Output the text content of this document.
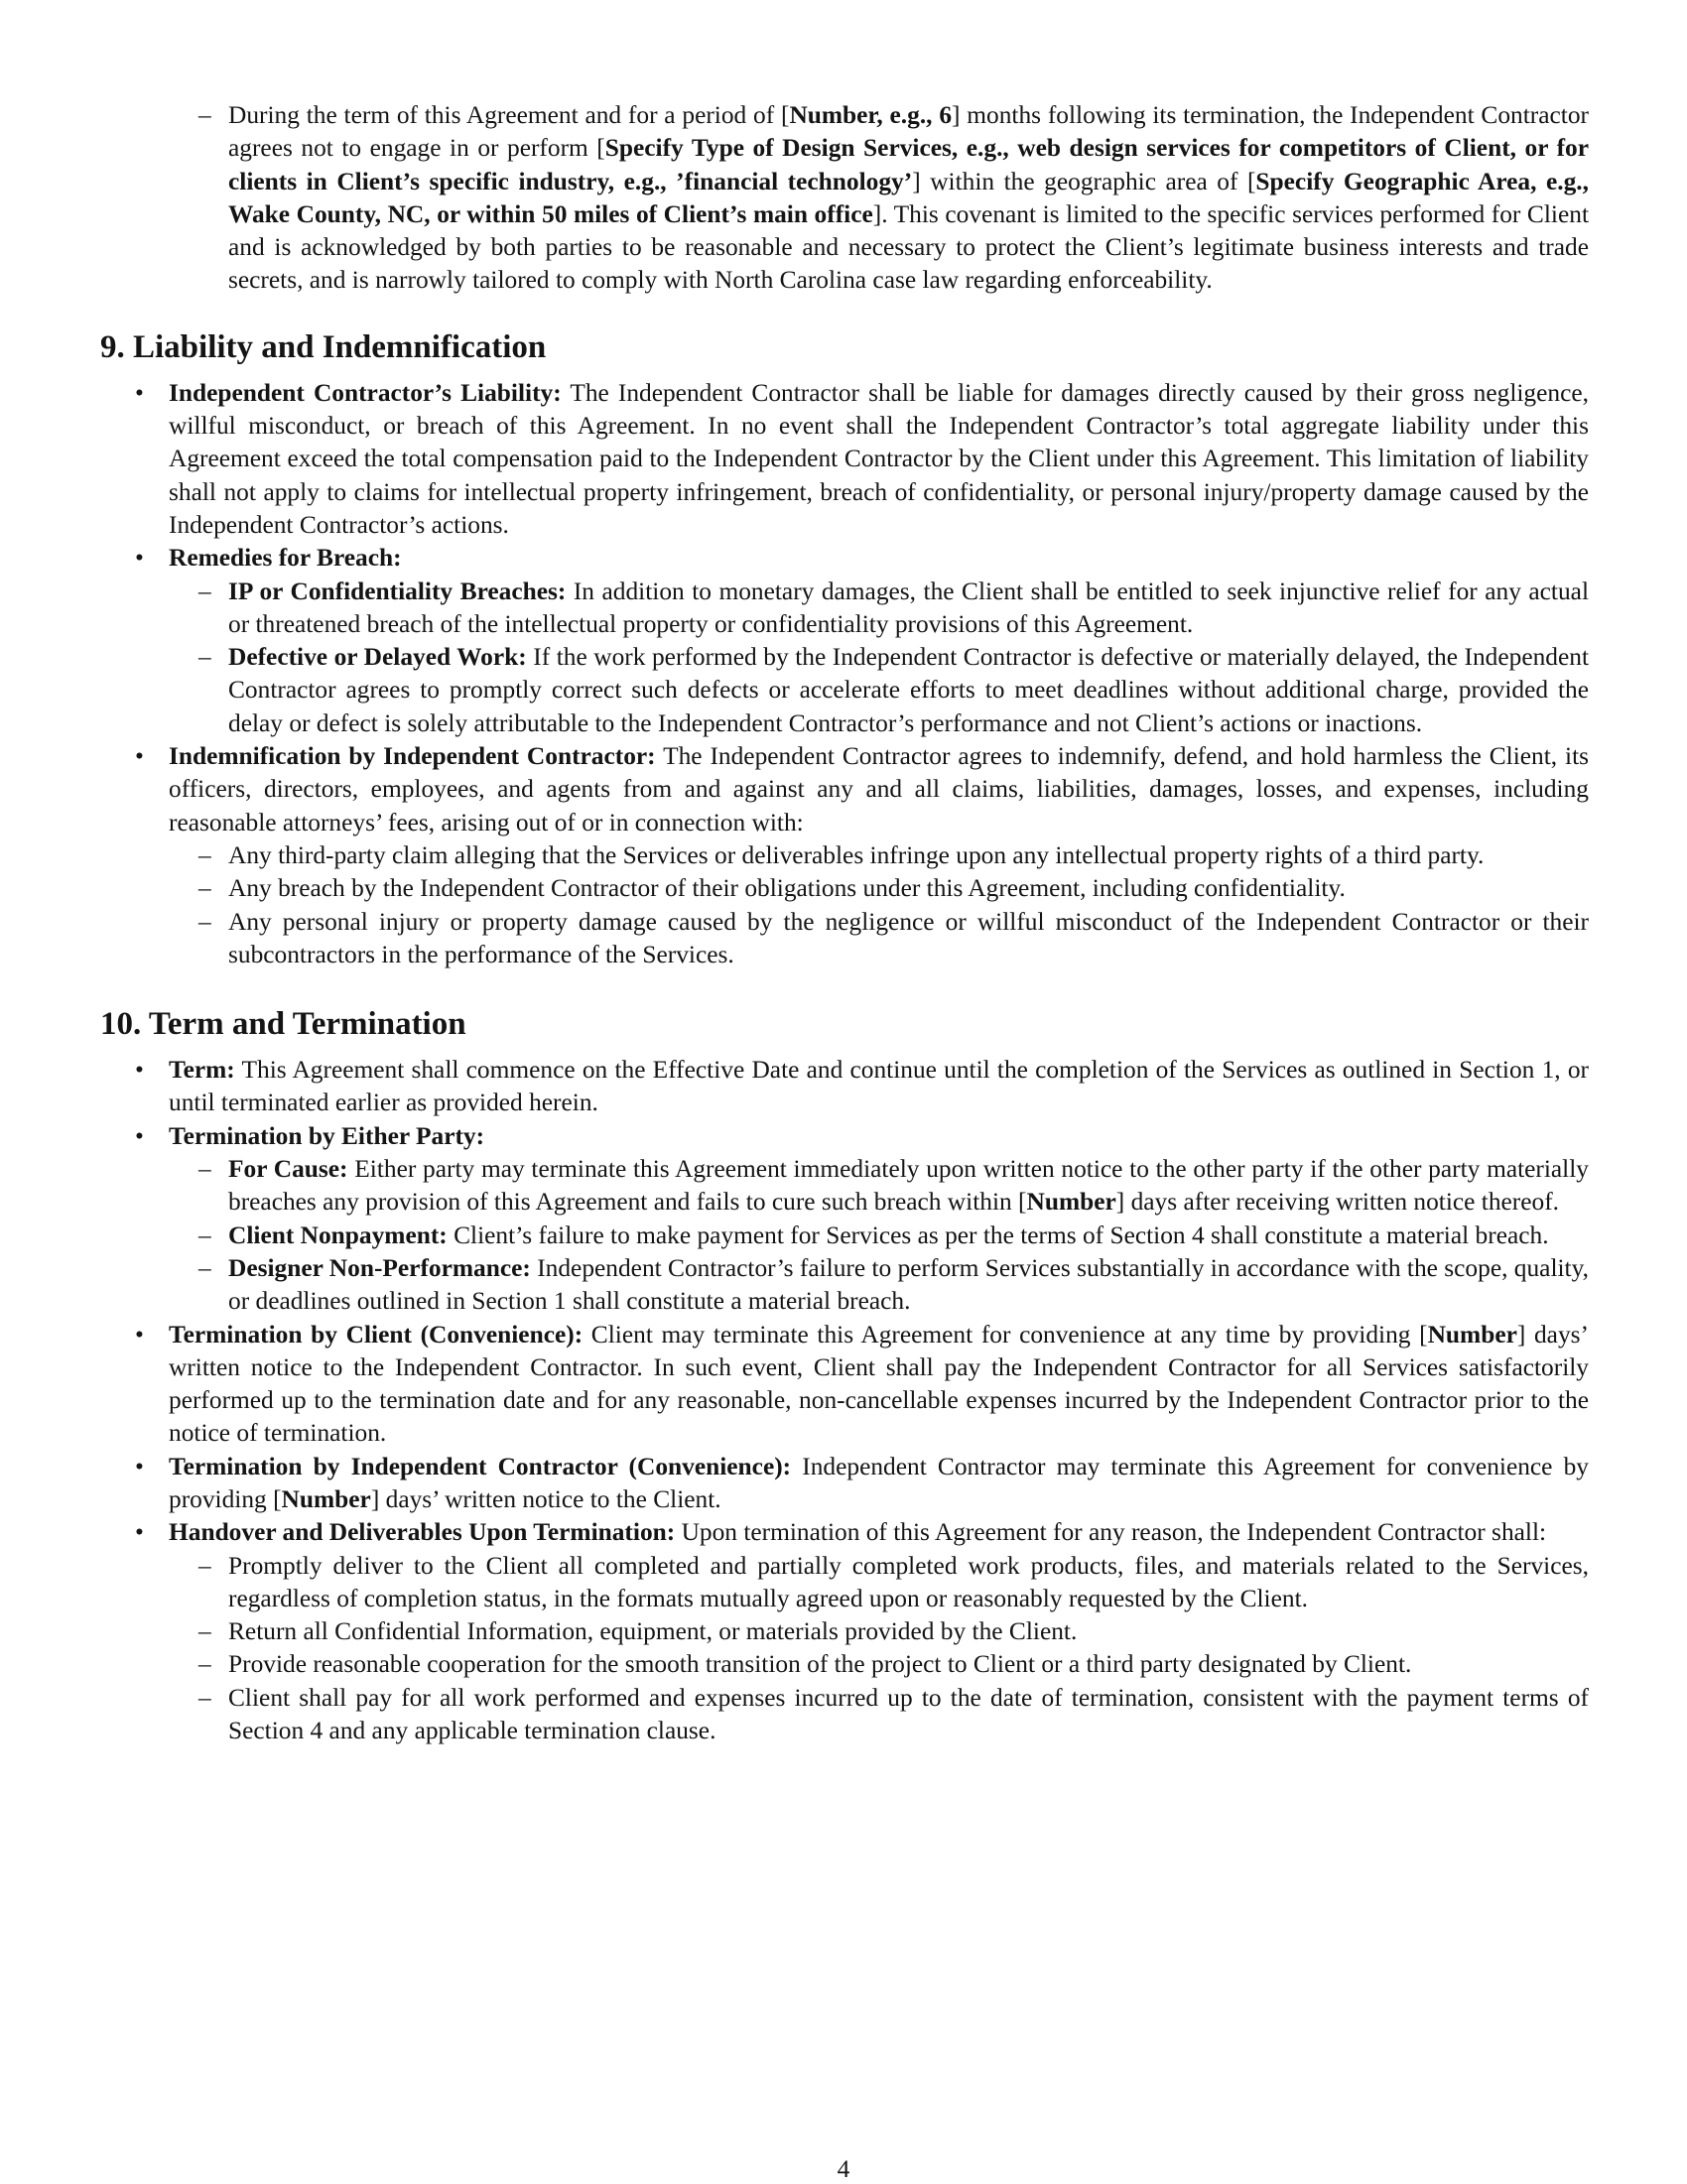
– During the term of this Agreement and for a period of [Number, e.g., 6] months following its termination, the Independent Contractor agrees not to engage in or perform [Specify Type of Design Services, e.g., web design services for competitors of Client, or for clients in Client’s specific industry, e.g., ’financial technology’] within the geographic area of [Specify Geographic Area, e.g., Wake County, NC, or within 50 miles of Client’s main office]. This covenant is limited to the specific services performed for Client and is acknowledged by both parties to be reasonable and necessary to protect the Client’s legitimate business interests and trade secrets, and is narrowly tailored to comply with North Carolina case law regarding enforceability.
9. Liability and Indemnification
• Independent Contractor’s Liability: The Independent Contractor shall be liable for damages directly caused by their gross negligence, willful misconduct, or breach of this Agreement. In no event shall the Independent Contractor’s total aggregate liability under this Agreement exceed the total compensation paid to the Independent Contractor by the Client under this Agreement. This limitation of liability shall not apply to claims for intellectual property infringement, breach of confidentiality, or personal injury/property damage caused by the Independent Contractor’s actions.
• Remedies for Breach:
– IP or Confidentiality Breaches: In addition to monetary damages, the Client shall be entitled to seek injunctive relief for any actual or threatened breach of the intellectual property or confidentiality provisions of this Agreement.
– Defective or Delayed Work: If the work performed by the Independent Contractor is defective or materially delayed, the Independent Contractor agrees to promptly correct such defects or accelerate efforts to meet deadlines without additional charge, provided the delay or defect is solely attributable to the Independent Contractor’s performance and not Client’s actions or inactions.
• Indemnification by Independent Contractor: The Independent Contractor agrees to indemnify, defend, and hold harmless the Client, its officers, directors, employees, and agents from and against any and all claims, liabilities, damages, losses, and expenses, including reasonable attorneys’ fees, arising out of or in connection with:
– Any third-party claim alleging that the Services or deliverables infringe upon any intellectual property rights of a third party.
– Any breach by the Independent Contractor of their obligations under this Agreement, including confidentiality.
– Any personal injury or property damage caused by the negligence or willful misconduct of the Independent Contractor or their subcontractors in the performance of the Services.
10. Term and Termination
• Term: This Agreement shall commence on the Effective Date and continue until the completion of the Services as outlined in Section 1, or until terminated earlier as provided herein.
• Termination by Either Party:
– For Cause: Either party may terminate this Agreement immediately upon written notice to the other party if the other party materially breaches any provision of this Agreement and fails to cure such breach within [Number] days after receiving written notice thereof.
– Client Nonpayment: Client’s failure to make payment for Services as per the terms of Section 4 shall constitute a material breach.
– Designer Non-Performance: Independent Contractor’s failure to perform Services substantially in accordance with the scope, quality, or deadlines outlined in Section 1 shall constitute a material breach.
• Termination by Client (Convenience): Client may terminate this Agreement for convenience at any time by providing [Number] days’ written notice to the Independent Contractor. In such event, Client shall pay the Independent Contractor for all Services satisfactorily performed up to the termination date and for any reasonable, non-cancellable expenses incurred by the Independent Contractor prior to the notice of termination.
• Termination by Independent Contractor (Convenience): Independent Contractor may terminate this Agreement for convenience by providing [Number] days’ written notice to the Client.
• Handover and Deliverables Upon Termination: Upon termination of this Agreement for any reason, the Independent Contractor shall:
– Promptly deliver to the Client all completed and partially completed work products, files, and materials related to the Services, regardless of completion status, in the formats mutually agreed upon or reasonably requested by the Client.
– Return all Confidential Information, equipment, or materials provided by the Client.
– Provide reasonable cooperation for the smooth transition of the project to Client or a third party designated by Client.
– Client shall pay for all work performed and expenses incurred up to the date of termination, consistent with the payment terms of Section 4 and any applicable termination clause.
4
